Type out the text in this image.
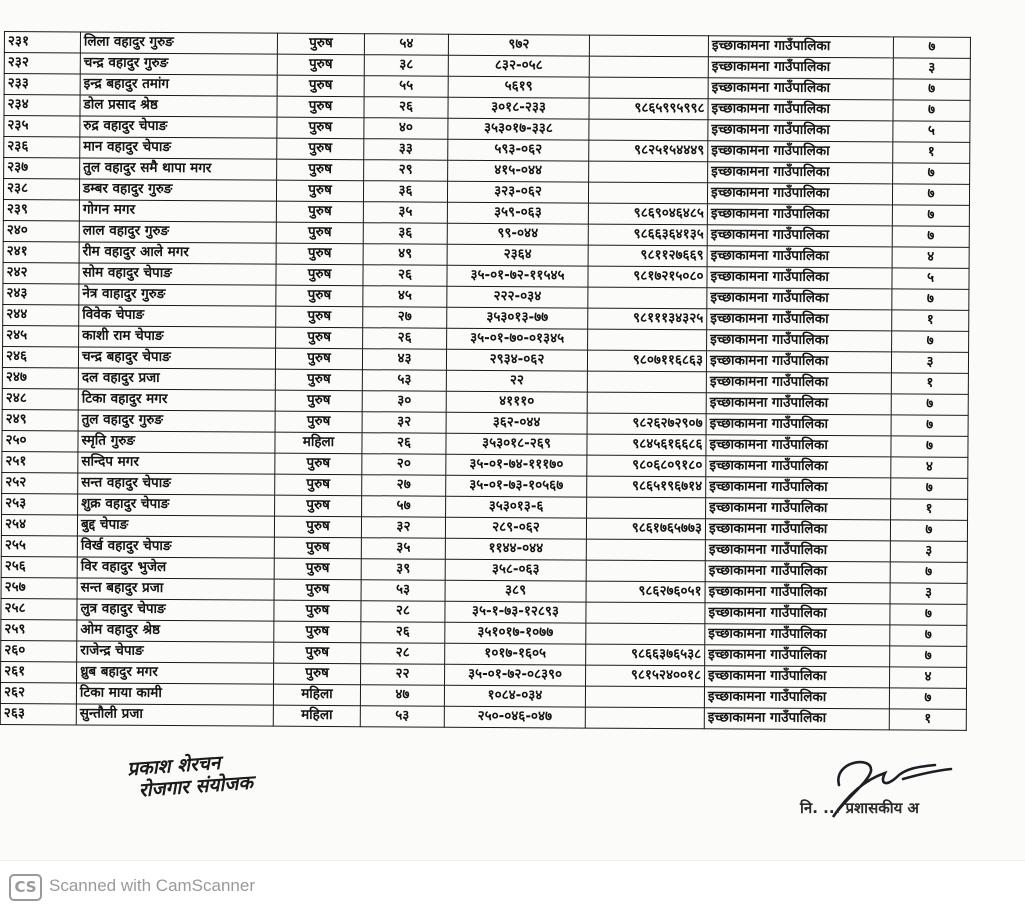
२३१	लिला वहादुर गुरुङ	पुरुष	५४	९७२		इच्छाकामना गाउँपालिका	७
२३२	चन्द्र वहादुर गुरुङ	पुरुष	३८	८३२-०५८		इच्छाकामना गाउँपालिका	३
२३३	इन्द्र बहादुर तमांग	पुरुष	५५	५६१९		इच्छाकामना गाउँपालिका	७
२३४	डोल प्रसाद श्रेष्ठ	पुरुष	२६	३०१८-२३३	९८६५९९५९९८	इच्छाकामना गाउँपालिका	७
२३५	रुद्र वहादुर चेपाङ	पुरुष	४०	३५३०१७-३३८		इच्छाकामना गाउँपालिका	५
२३६	मान वहादुर चेपाङ	पुरुष	३३	५९३-०६२	९८२५१५४४४९	इच्छाकामना गाउँपालिका	१
२३७	तुल वहादुर समै थापा मगर	पुरुष	२९	४१५-०४४		इच्छाकामना गाउँपालिका	७
२३८	डम्बर वहादुर गुरुङ	पुरुष	३६	३२३-०६२		इच्छाकामना गाउँपालिका	७
२३९	गोगन मगर	पुरुष	३५	३५९-०६३	९८६९०४६४८५	इच्छाकामना गाउँपालिका	७
२४०	लाल वहादुर गुरुङ	पुरुष	३६	९९-०४४	९८६६३६४१३५	इच्छाकामना गाउँपालिका	७
२४१	रीम वहादुर आले मगर	पुरुष	४९	२३६४	९८११२७६६९	इच्छाकामना गाउँपालिका	४
२४२	सोम वहादुर चेपाङ	पुरुष	२६	३५-०१-७२-११५४५	९८१७२१५०८०	इच्छाकामना गाउँपालिका	५
२४३	नेत्र वाहादुर गुरुङ	पुरुष	४५	२२२-०३४		इच्छाकामना गाउँपालिका	७
२४४	विवेक चेपाङ	पुरुष	२७	३५३०१३-७७	९८१११३४३२५	इच्छाकामना गाउँपालिका	१
२४५	काशी राम चेपाङ	पुरुष	२६	३५-०१-७०-०१३४५		इच्छाकामना गाउँपालिका	७
२४६	चन्द्र बहादुर चेपाङ	पुरुष	४३	२९३४-०६२	९८०७११६८६३	इच्छाकामना गाउँपालिका	३
२४७	दल वहादुर प्रजा	पुरुष	५३	२२		इच्छाकामना गाउँपालिका	१
२४८	टिका वहादुर मगर	पुरुष	३०	४१११०		इच्छाकामना गाउँपालिका	७
२४९	तुल वहादुर गुरुङ	पुरुष	३२	३६२-०४४	९८२६२७२९०७	इच्छाकामना गाउँपालिका	७
२५०	स्मृति गुरुङ	महिला	२६	३५३०१८-२६९	९८४५६१६६८६	इच्छाकामना गाउँपालिका	७
२५१	सन्दिप मगर	पुरुष	२०	३५-०१-७४-१११७०	९८०६८०९१८०	इच्छाकामना गाउँपालिका	४
२५२	सन्त वहादुर चेपाङ	पुरुष	२७	३५-०१-७३-१०५६७	९८६५१९६७१४	इच्छाकामना गाउँपालिका	७
२५३	शुक्र वहादुर चेपाङ	पुरुष	५७	३५३०१३-६		इच्छाकामना गाउँपालिका	१
२५४	बुद्द चेपाङ	पुरुष	३२	२८९-०६२	९८६१७६५७७३	इच्छाकामना गाउँपालिका	७
२५५	विर्ख वहादुर चेपाङ	पुरुष	३५	११४४-०४४		इच्छाकामना गाउँपालिका	३
२५६	विर वहादुर भुजेल	पुरुष	३९	३५८-०६३		इच्छाकामना गाउँपालिका	७
२५७	सन्त बहादुर प्रजा	पुरुष	५३	३८९	९८६२७६०५१	इच्छाकामना गाउँपालिका	३
२५८	लुत्र वहादुर चेपाङ	पुरुष	२८	३५-१-७३-१२८९३		इच्छाकामना गाउँपालिका	७
२५९	ओम वहादुर श्रेष्ठ	पुरुष	२६	३५१०१७-१०७७		इच्छाकामना गाउँपालिका	७
२६०	राजेन्द्र चेपाङ	पुरुष	२८	१०१७-१६०५	९८६६३७६५३८	इच्छाकामना गाउँपालिका	७
२६१	ध्रुब बहादुर मगर	पुरुष	२२	३५-०१-७२-०८३९०	९८१५२४००१८	इच्छाकामना गाउँपालिका	४
२६२	टिका माया कामी	महिला	४७	१०८४-०३४		इच्छाकामना गाउँपालिका	७
२६३	सुन्तौली प्रजा	महिला	५३	२५०-०४६-०४७		इच्छाकामना गाउँपालिका	१
प्रकाश शेरचन
रोजगार संयोजक
नि. ... प्रशासकीय अ
CS Scanned with CamScanner
